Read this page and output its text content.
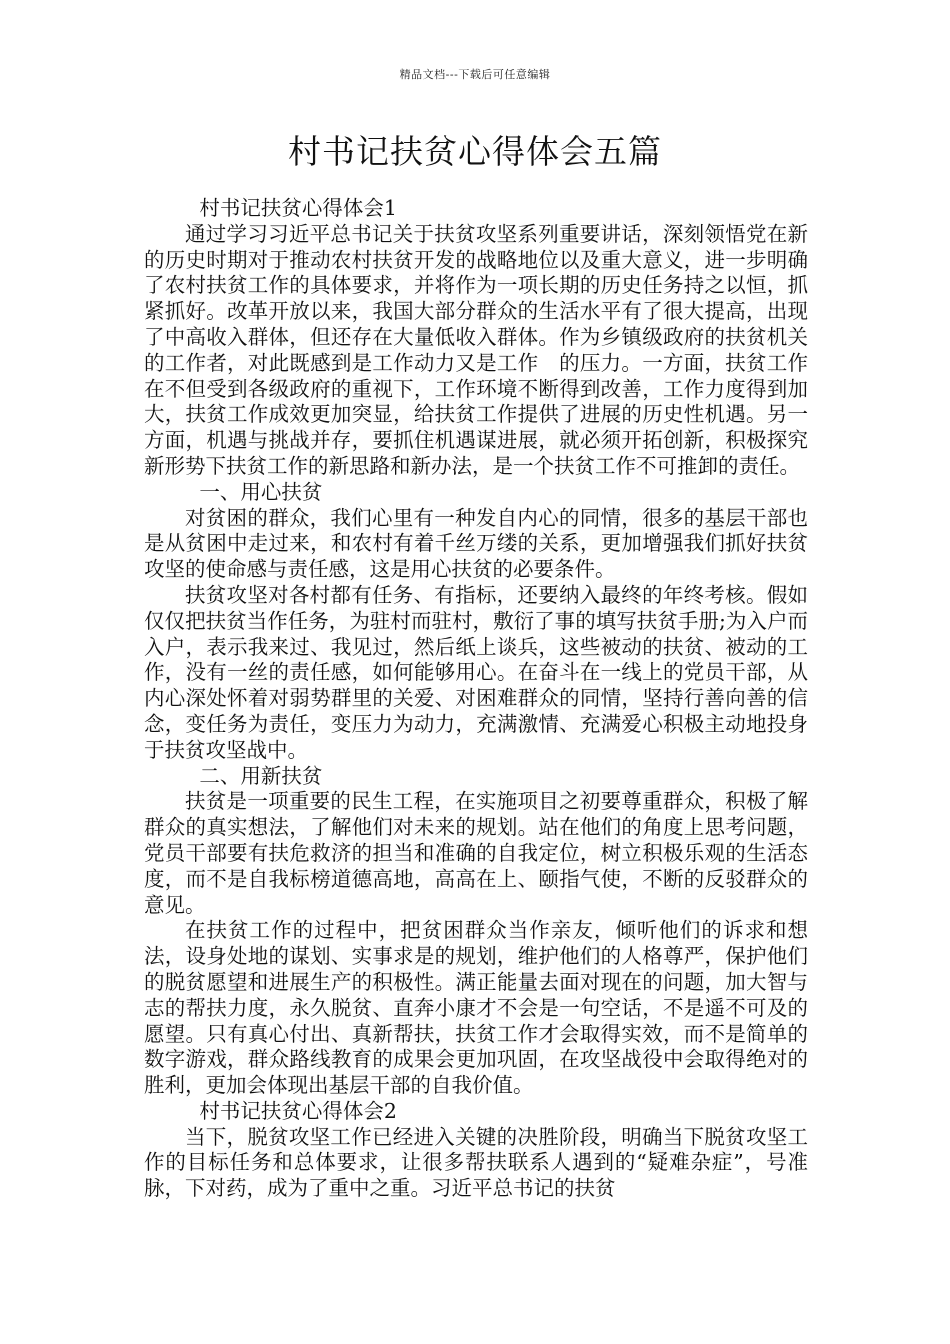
精品文档---下载后可任意编辑
村书记扶贫心得体会五篇

村书记扶贫心得体会1

通过学习习近平总书记关于扶贫攻坚系列重要讲话，深刻领悟党在新的历史时期对于推动农村扶贫开发的战略地位以及重大意义，进一步明确了农村扶贫工作的具体要求，并将作为一项长期的历史任务持之以恒，抓紧抓好。改革开放以来，我国大部分群众的生活水平有了很大提高，出现了中高收入群体，但还存在大量低收入群体。作为乡镇级政府的扶贫机关的工作者，对此既感到是工作动力又是工作　的压力。一方面，扶贫工作在不但受到各级政府的重视下，工作环境不断得到改善，工作力度得到加大，扶贫工作成效更加突显，给扶贫工作提供了进展的历史性机遇。另一方面，机遇与挑战并存，要抓住机遇谋进展，就必须开拓创新，积极探究新形势下扶贫工作的新思路和新办法，是一个扶贫工作不可推卸的责任。

一、用心扶贫

对贫困的群众，我们心里有一种发自内心的同情，很多的基层干部也是从贫困中走过来，和农村有着千丝万缕的关系，更加增强我们抓好扶贫攻坚的使命感与责任感，这是用心扶贫的必要条件。

扶贫攻坚对各村都有任务、有指标，还要纳入最终的年终考核。假如仅仅把扶贫当作任务，为驻村而驻村，敷衍了事的填写扶贫手册;为入户而入户，表示我来过、我见过，然后纸上谈兵，这些被动的扶贫、被动的工作，没有一丝的责任感，如何能够用心。在奋斗在一线上的党员干部，从内心深处怀着对弱势群里的关爱、对困难群众的同情，坚持行善向善的信念，变任务为责任，变压力为动力，充满激情、充满爱心积极主动地投身于扶贫攻坚战中。

二、用新扶贫

扶贫是一项重要的民生工程，在实施项目之初要尊重群众，积极了解群众的真实想法，了解他们对未来的规划。站在他们的角度上思考问题，党员干部要有扶危救济的担当和准确的自我定位，树立积极乐观的生活态度，而不是自我标榜道德高地，高高在上、颐指气使，不断的反驳群众的意见。

在扶贫工作的过程中，把贫困群众当作亲友，倾听他们的诉求和想法，设身处地的谋划、实事求是的规划，维护他们的人格尊严，保护他们的脱贫愿望和进展生产的积极性。满正能量去面对现在的问题，加大智与志的帮扶力度，永久脱贫、直奔小康才不会是一句空话，不是遥不可及的愿望。只有真心付出、真新帮扶，扶贫工作才会取得实效，而不是简单的数字游戏，群众路线教育的成果会更加巩固，在攻坚战役中会取得绝对的胜利，更加会体现出基层干部的自我价值。

村书记扶贫心得体会2

当下，脱贫攻坚工作已经进入关键的决胜阶段，明确当下脱贫攻坚工作的目标任务和总体要求，让很多帮扶联系人遇到的“疑难杂症”，号准脉，下对药，成为了重中之重。习近平总书记的扶贫
